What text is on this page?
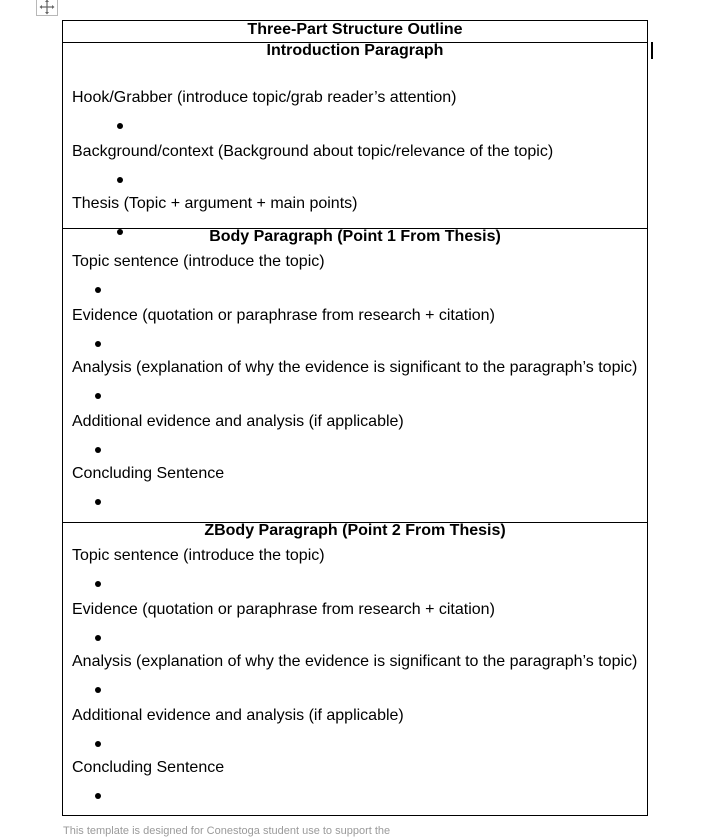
Three-Part Structure Outline
Introduction Paragraph
Hook/Grabber (introduce topic/grab reader’s attention)
Background/context (Background about topic/relevance of the topic)
Thesis (Topic + argument + main points)
Body Paragraph (Point 1 From Thesis)
Topic sentence (introduce the topic)
Evidence (quotation or paraphrase from research + citation)
Analysis (explanation of why the evidence is significant to the paragraph’s topic)
Additional evidence and analysis (if applicable)
Concluding Sentence
ZBody Paragraph (Point 2 From Thesis)
Topic sentence (introduce the topic)
Evidence (quotation or paraphrase from research + citation)
Analysis (explanation of why the evidence is significant to the paragraph’s topic)
Additional evidence and analysis (if applicable)
Concluding Sentence
This template is designed for Conestoga student use to support the
